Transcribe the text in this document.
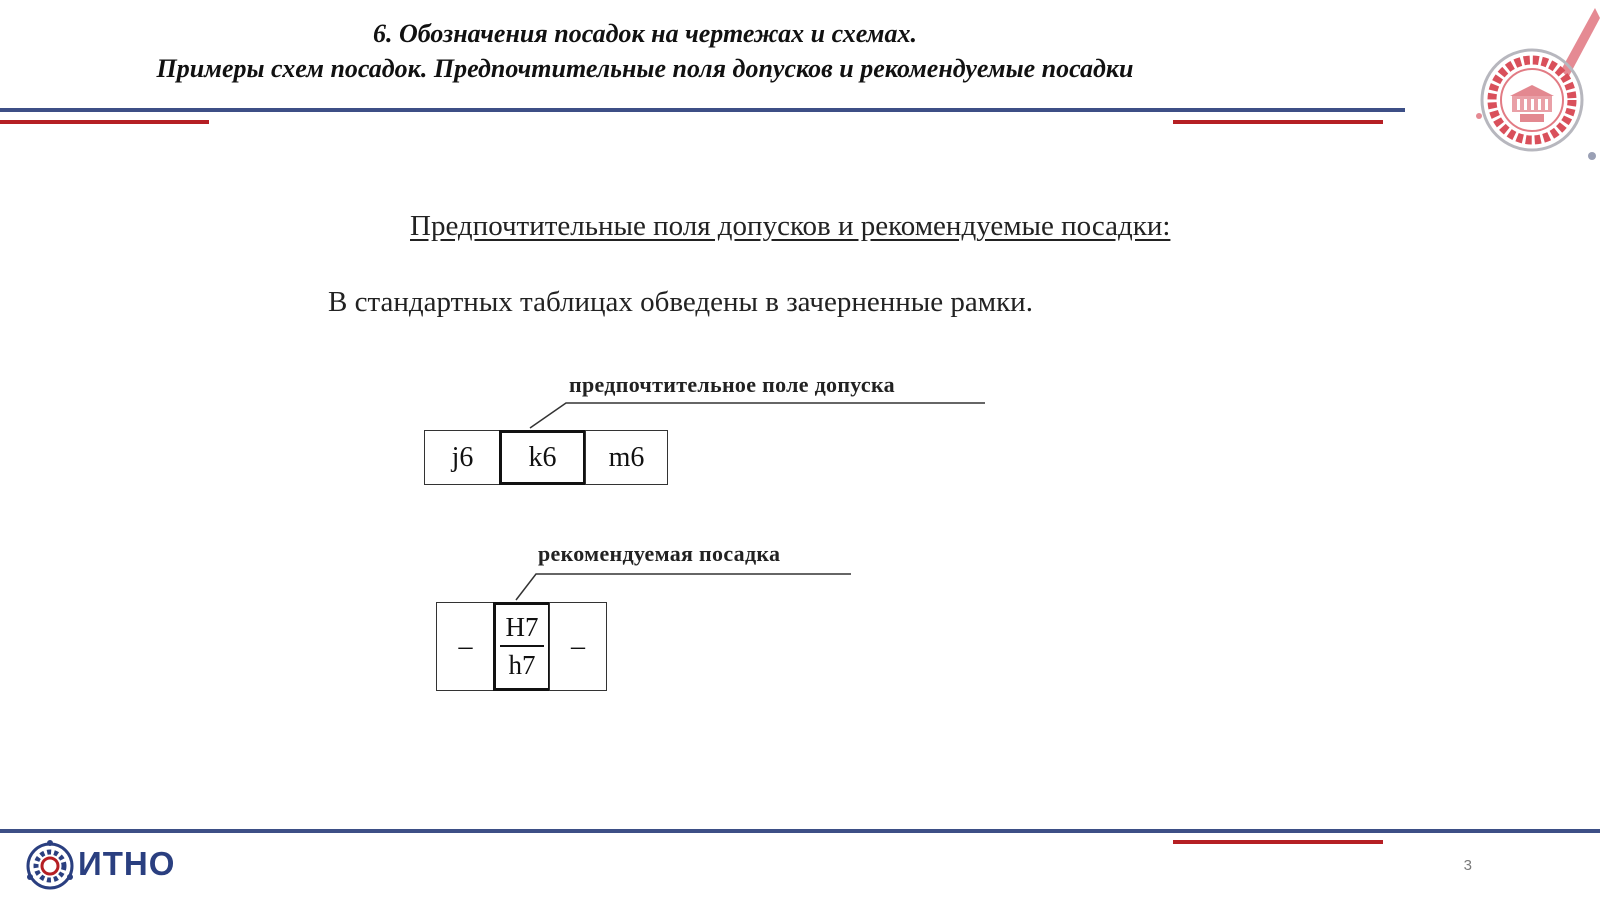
6. Обозначения посадок на чертежах и схемах.
Примеры схем посадок. Предпочтительные поля допусков и рекомендуемые посадки
Предпочтительные поля допусков и рекомендуемые посадки:
В стандартных таблицах обведены в зачерненные рамки.
предпочтительное поле допуска
j6	k6	m6
рекомендуемая посадка
–	$\frac{H7}{h7}$ –
ИТНО	3
